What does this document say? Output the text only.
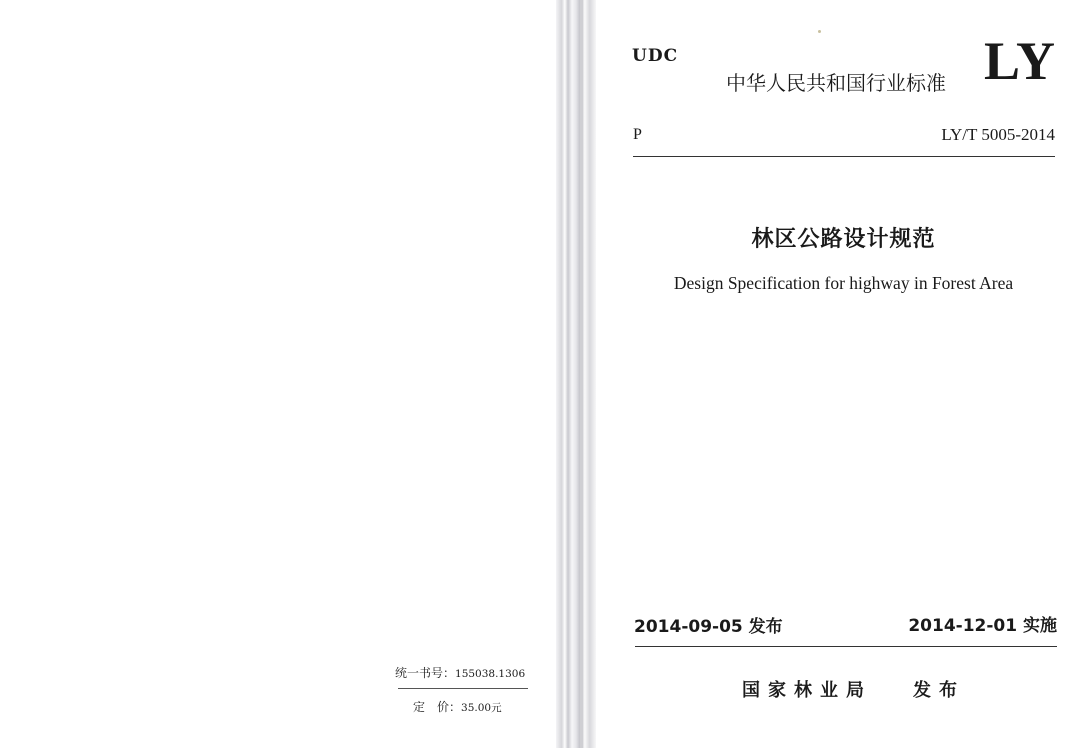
统一书号：155038.1306
定　价：35.00元
UDC
中华人民共和国行业标准 LY
P	LY/T 5005-2014
林区公路设计规范
Design Specification for highway in Forest Area
2014-09-05 发布	2014-12-01 实施
国家林业局 发布
